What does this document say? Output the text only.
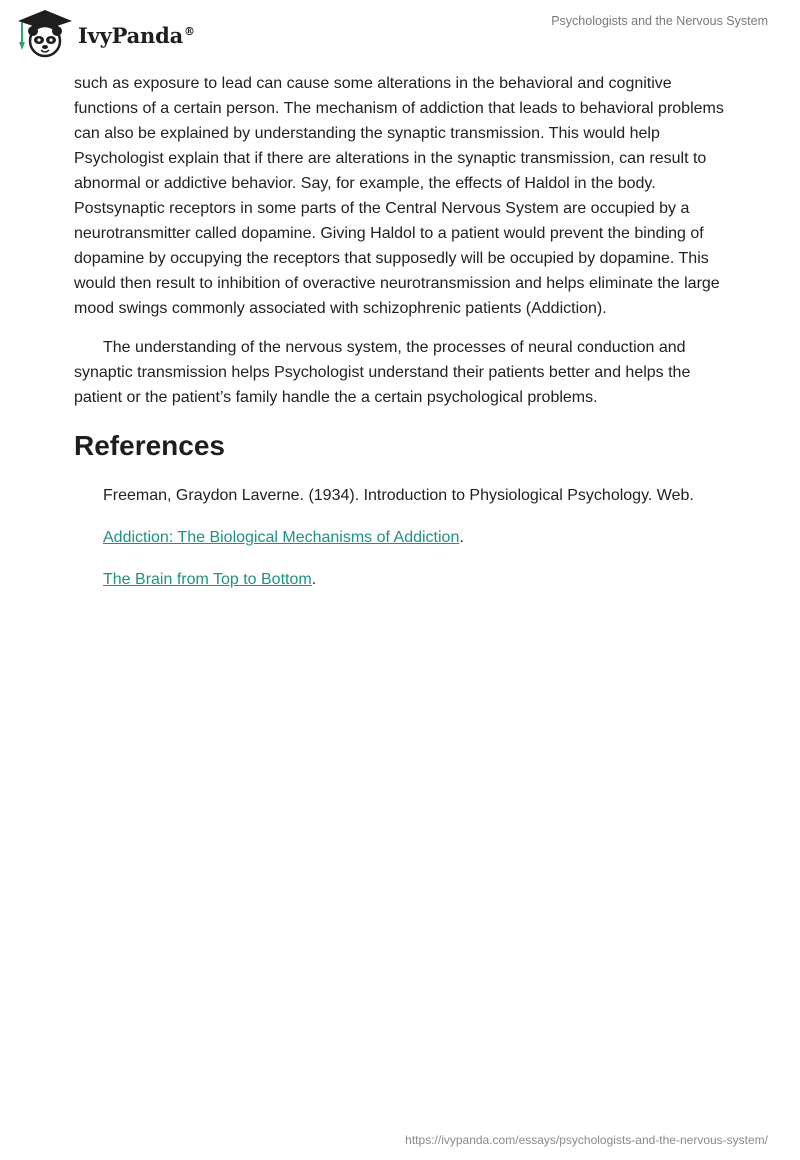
IvyPanda®
Psychologists and the Nervous System

such as exposure to lead can cause some alterations in the behavioral and cognitive functions of a certain person. The mechanism of addiction that leads to behavioral problems can also be explained by understanding the synaptic transmission. This would help Psychologist explain that if there are alterations in the synaptic transmission, can result to abnormal or addictive behavior. Say, for example, the effects of Haldol in the body. Postsynaptic receptors in some parts of the Central Nervous System are occupied by a neurotransmitter called dopamine. Giving Haldol to a patient would prevent the binding of dopamine by occupying the receptors that supposedly will be occupied by dopamine. This would then result to inhibition of overactive neurotransmission and helps eliminate the large mood swings commonly associated with schizophrenic patients (Addiction).

The understanding of the nervous system, the processes of neural conduction and synaptic transmission helps Psychologist understand their patients better and helps the patient or the patient’s family handle the a certain psychological problems.

References
Freeman, Graydon Laverne. (1934). Introduction to Physiological Psychology. Web.
Addiction: The Biological Mechanisms of Addiction.
The Brain from Top to Bottom.
https://ivypanda.com/essays/psychologists-and-the-nervous-system/
